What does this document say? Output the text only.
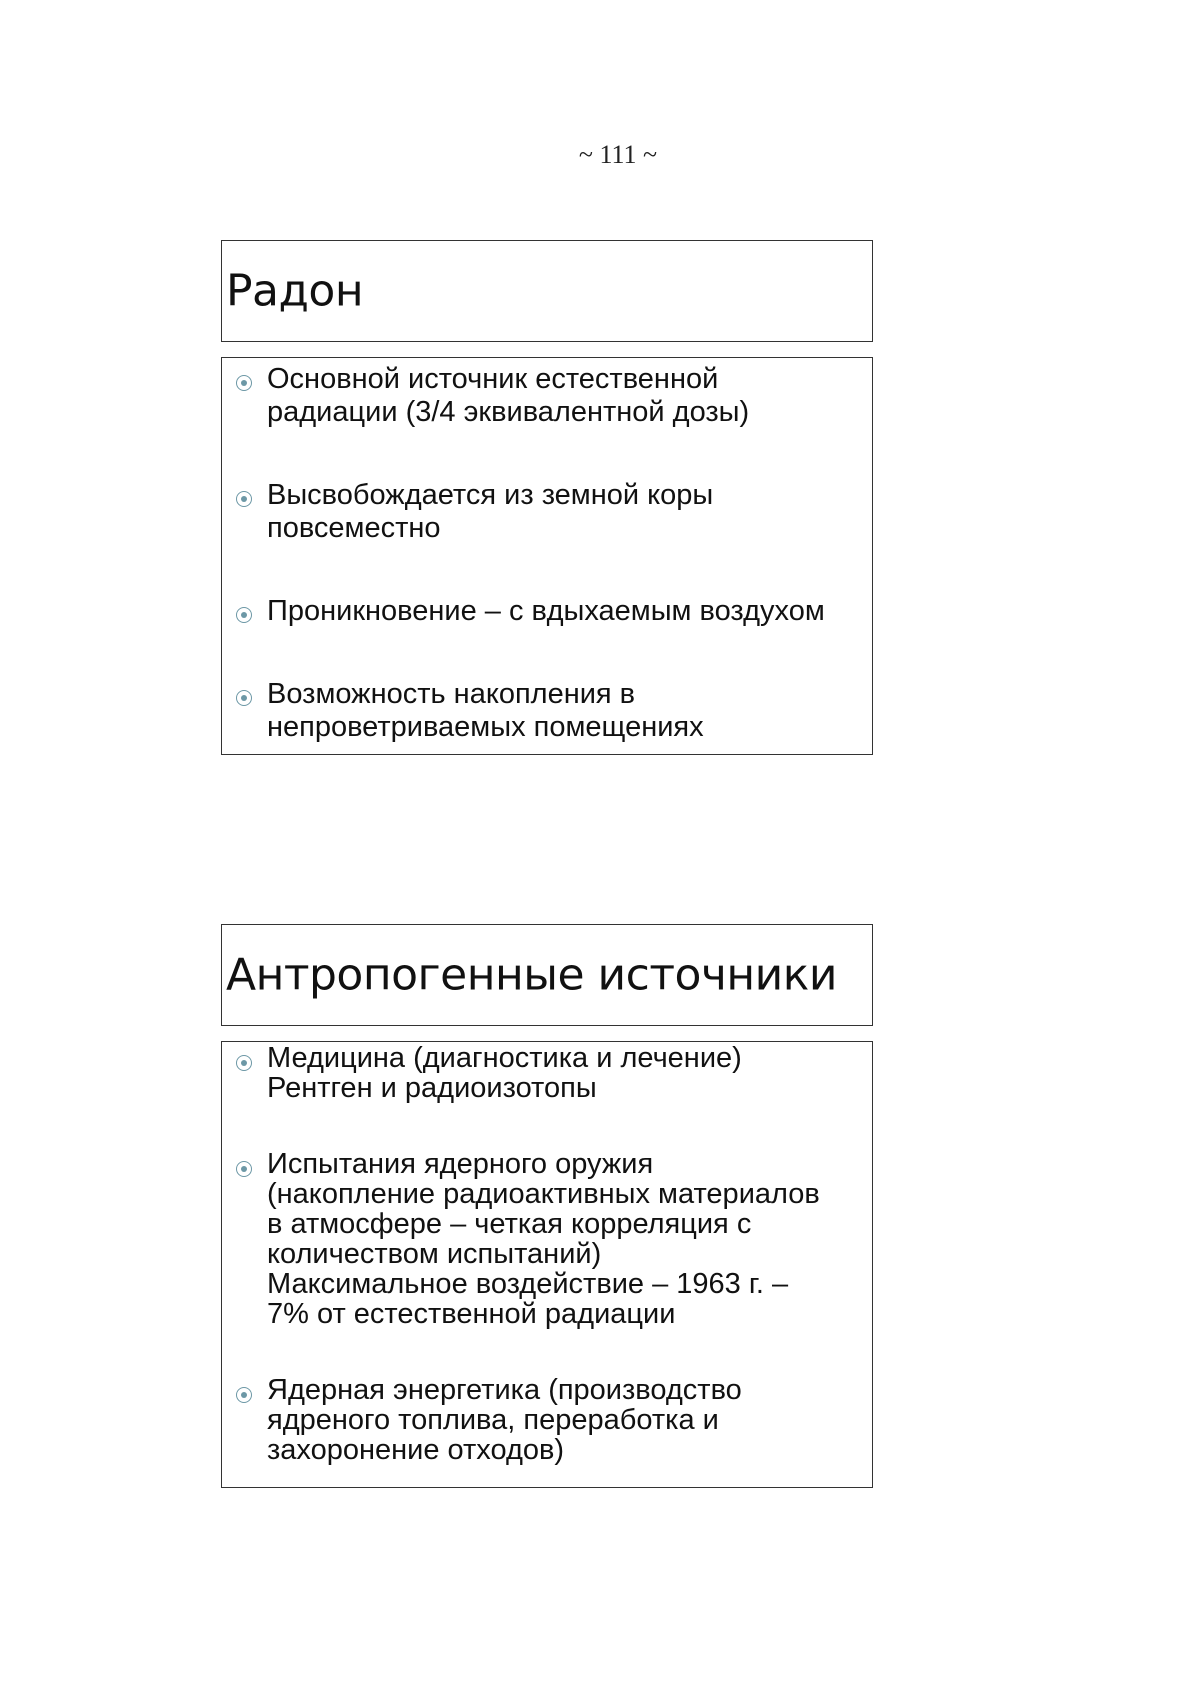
~ 111 ~
Радон
Основной источник естественной
радиации (3/4 эквивалентной дозы)
Высвобождается из земной коры
повсеместно
Проникновение – с вдыхаемым воздухом
Возможность накопления в
непроветриваемых помещениях
Антропогенные источники
Медицина (диагностика и лечение)
Рентген и радиоизотопы
Испытания ядерного оружия
(накопление радиоактивных материалов
в атмосфере – четкая корреляция с
количеством испытаний)
Максимальное воздействие – 1963 г. –
7% от естественной радиации
Ядерная энергетика (производство
ядреного топлива, переработка и
захоронение отходов)
